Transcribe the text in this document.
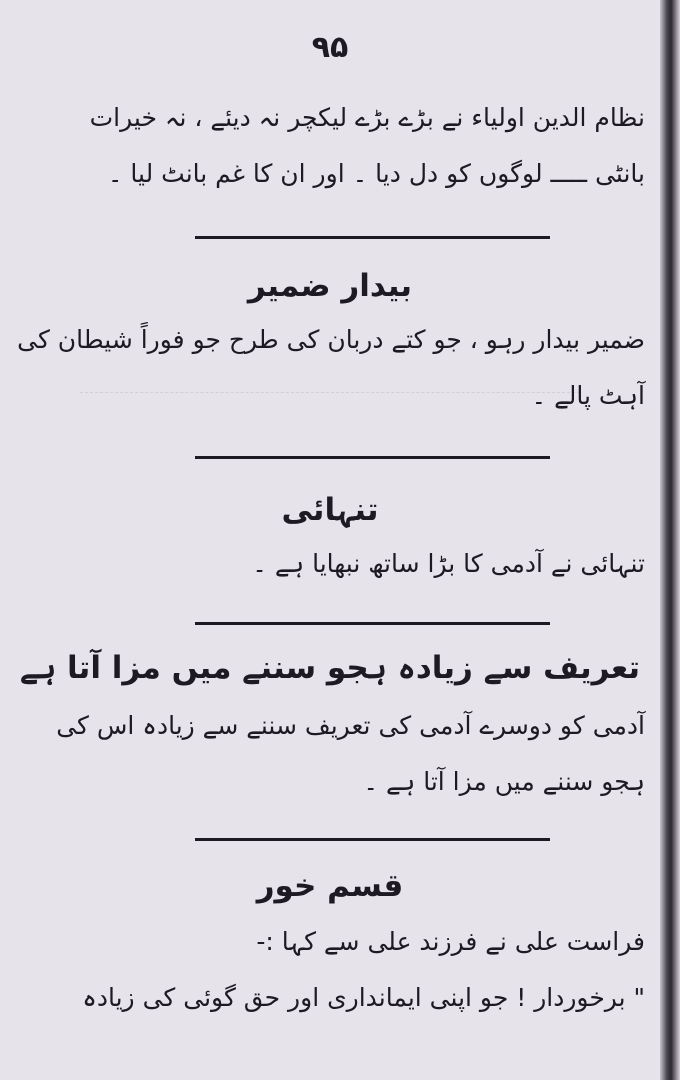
۹۵
نظام الدین اولیاء نے بڑے بڑے لیکچر نہ دیئے ، نہ خیرات
بانٹی ـــــ لوگوں کو دل دیا ۔ اور ان کا غم بانٹ لیا ۔
بیدار ضمیر
ضمیر بیدار رہو ، جو کتے دربان کی طرح جو فوراً شیطان کی
آہٹ پالے ۔
تنہائی
تنہائی نے آدمی کا بڑا ساتھ نبھایا ہے ۔
تعریف سے زیادہ ہجو سننے میں مزا آتا ہے
آدمی کو دوسرے آدمی کی تعریف سننے سے زیادہ اس کی
ہجو سننے میں مزا آتا ہے ۔
قسم خور
فراست علی نے فرزند علی سے کہا :-
" برخوردار ! جو اپنی ایمانداری اور حق گوئی کی زیادہ
